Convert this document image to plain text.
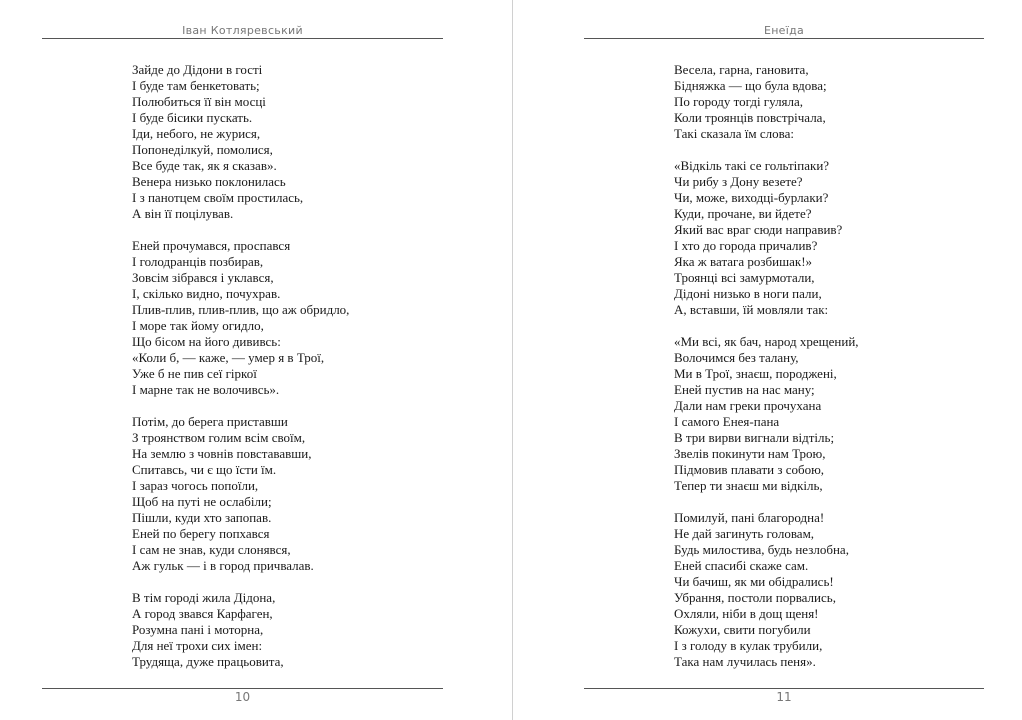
Іван Котляревський
Зайде до Дідони в гості
І буде там бенкетовать;
Полюбиться її він мосці
І буде бісики пускать.
Іди, небого, не журися,
Попонеділкуй, помолися,
Все буде так, як я сказав».
Венера низько поклонилась
І з панотцем своїм простилась,
А він її поцілував.
Еней прочумався, проспався
І голодранців позбирав,
Зовсім зібрався і уклався,
І, скілько видно, почухрав.
Плив-плив, плив-плив, що аж обридло,
І море так йому огидло,
Що бісом на його дививсь:
«Коли б, — каже, — умер я в Трої,
Уже б не пив сеї гіркої
І марне так не волочивсь».
Потім, до берега приставши
З троянством голим всім своїм,
На землю з човнів повстававши,
Спитавсь, чи є що їсти їм.
І зараз чогось попоїли,
Щоб на путі не ослабіли;
Пішли, куди хто запопав.
Еней по берегу попхався
І сам не знав, куди слонявся,
Аж гульк — і в город причвалав.
В тім городі жила Дідона,
А город звався Карфаген,
Розумна пані і моторна,
Для неї трохи сих імен:
Трудяща, дуже працьовита,
10
Енеїда
Весела, гарна, гановита,
Бідняжка — що була вдова;
По городу тогді гуляла,
Коли троянців повстрічала,
Такі сказала їм слова:
«Відкіль такі се гольтіпаки?
Чи рибу з Дону везете?
Чи, може, виходці-бурлаки?
Куди, прочане, ви йдете?
Який вас враг сюди направив?
І хто до города причалив?
Яка ж ватага розбишак!»
Троянці всі замурмотали,
Дідоні низько в ноги пали,
А, вставши, їй мовляли так:
«Ми всі, як бач, народ хрещений,
Волочимся без талану,
Ми в Трої, знаєш, породжені,
Еней пустив на нас ману;
Дали нам греки прочухана
І самого Енея-пана
В три вирви вигнали відтіль;
Звелів покинути нам Трою,
Підмовив плавати з собою,
Тепер ти знаєш ми відкіль,
Помилуй, пані благородна!
Не дай загинуть головам,
Будь милостива, будь незлобна,
Еней спасибі скаже сам.
Чи бачиш, як ми обідрались!
Убрання, постоли порвались,
Охляли, ніби в дощ щеня!
Кожухи, свити погубили
І з голоду в кулак трубили,
Така нам лучилась пеня».
11
